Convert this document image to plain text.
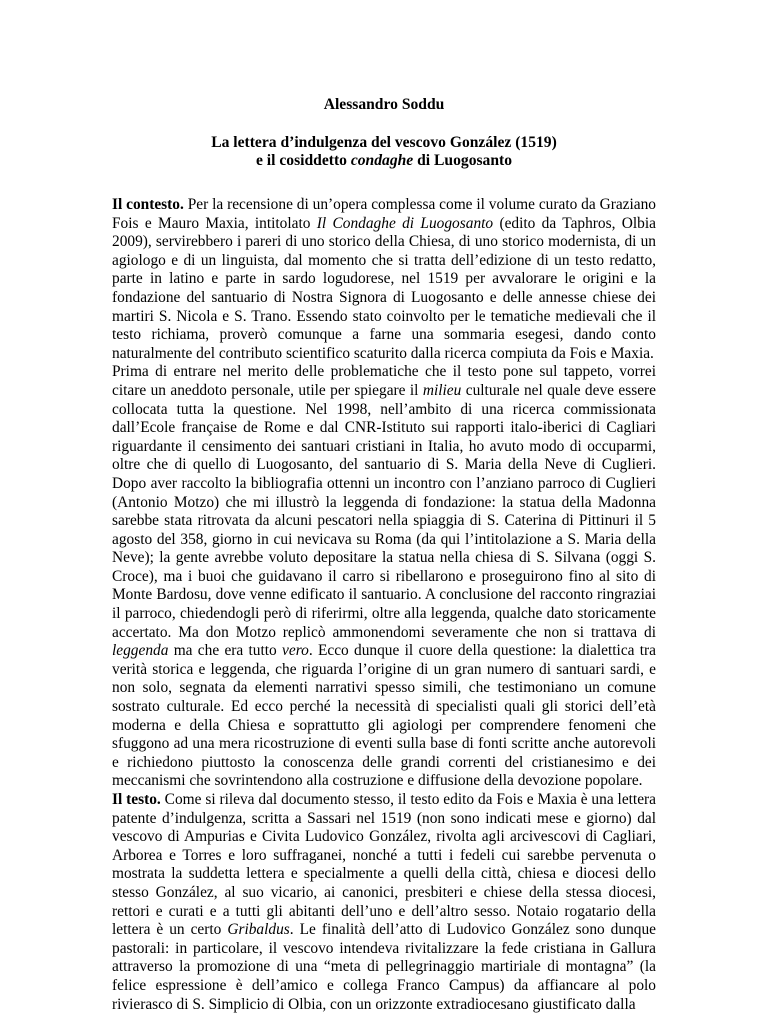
Alessandro Soddu
La lettera d’indulgenza del vescovo González (1519)
e il cosiddetto condaghe di Luogosanto

Il contesto. Per la recensione di un’opera complessa come il volume curato da Graziano Fois e Mauro Maxia, intitolato Il Condaghe di Luogosanto (edito da Taphros, Olbia 2009), servirebbero i pareri di uno storico della Chiesa, di uno storico modernista, di un agiologo e di un linguista, dal momento che si tratta dell’edizione di un testo redatto, parte in latino e parte in sardo logudorese, nel 1519 per avvalorare le origini e la fondazione del santuario di Nostra Signora di Luogosanto e delle annesse chiese dei martiri S. Nicola e S. Trano. Essendo stato coinvolto per le tematiche medievali che il testo richiama, proverò comunque a farne una sommaria esegesi, dando conto naturalmente del contributo scientifico scaturito dalla ricerca compiuta da Fois e Maxia.

Prima di entrare nel merito delle problematiche che il testo pone sul tappeto, vorrei citare un aneddoto personale, utile per spiegare il milieu culturale nel quale deve essere collocata tutta la questione. Nel 1998, nell’ambito di una ricerca commissionata dall’Ecole française de Rome e dal CNR-Istituto sui rapporti italo-iberici di Cagliari riguardante il censimento dei santuari cristiani in Italia, ho avuto modo di occuparmi, oltre che di quello di Luogosanto, del santuario di S. Maria della Neve di Cuglieri. Dopo aver raccolto la bibliografia ottenni un incontro con l’anziano parroco di Cuglieri (Antonio Motzo) che mi illustrò la leggenda di fondazione: la statua della Madonna sarebbe stata ritrovata da alcuni pescatori nella spiaggia di S. Caterina di Pittinuri il 5 agosto del 358, giorno in cui nevicava su Roma (da qui l’intitolazione a S. Maria della Neve); la gente avrebbe voluto depositare la statua nella chiesa di S. Silvana (oggi S. Croce), ma i buoi che guidavano il carro si ribellarono e proseguirono fino al sito di Monte Bardosu, dove venne edificato il santuario. A conclusione del racconto ringraziai il parroco, chiedendogli però di riferirmi, oltre alla leggenda, qualche dato storicamente accertato. Ma don Motzo replicò ammonendomi severamente che non si trattava di leggenda ma che era tutto vero. Ecco dunque il cuore della questione: la dialettica tra verità storica e leggenda, che riguarda l’origine di un gran numero di santuari sardi, e non solo, segnata da elementi narrativi spesso simili, che testimoniano un comune sostrato culturale. Ed ecco perché la necessità di specialisti quali gli storici dell’età moderna e della Chiesa e soprattutto gli agiologi per comprendere fenomeni che sfuggono ad una mera ricostruzione di eventi sulla base di fonti scritte anche autorevoli e richiedono piuttosto la conoscenza delle grandi correnti del cristianesimo e dei meccanismi che sovrintendono alla costruzione e diffusione della devozione popolare.

Il testo. Come si rileva dal documento stesso, il testo edito da Fois e Maxia è una lettera patente d’indulgenza, scritta a Sassari nel 1519 (non sono indicati mese e giorno) dal vescovo di Ampurias e Civita Ludovico González, rivolta agli arcivescovi di Cagliari, Arborea e Torres e loro suffraganei, nonché a tutti i fedeli cui sarebbe pervenuta o mostrata la suddetta lettera e specialmente a quelli della città, chiesa e diocesi dello stesso González, al suo vicario, ai canonici, presbiteri e chiese della stessa diocesi, rettori e curati e a tutti gli abitanti dell’uno e dell’altro sesso. Notaio rogatario della lettera è un certo Gribaldus. Le finalità dell’atto di Ludovico González sono dunque pastorali: in particolare, il vescovo intendeva rivitalizzare la fede cristiana in Gallura attraverso la promozione di una “meta di pellegrinaggio martiriale di montagna” (la felice espressione è dell’amico e collega Franco Campus) da affiancare al polo rivierasco di S. Simplicio di Olbia, con un orizzonte extradiocesano giustificato dalla
